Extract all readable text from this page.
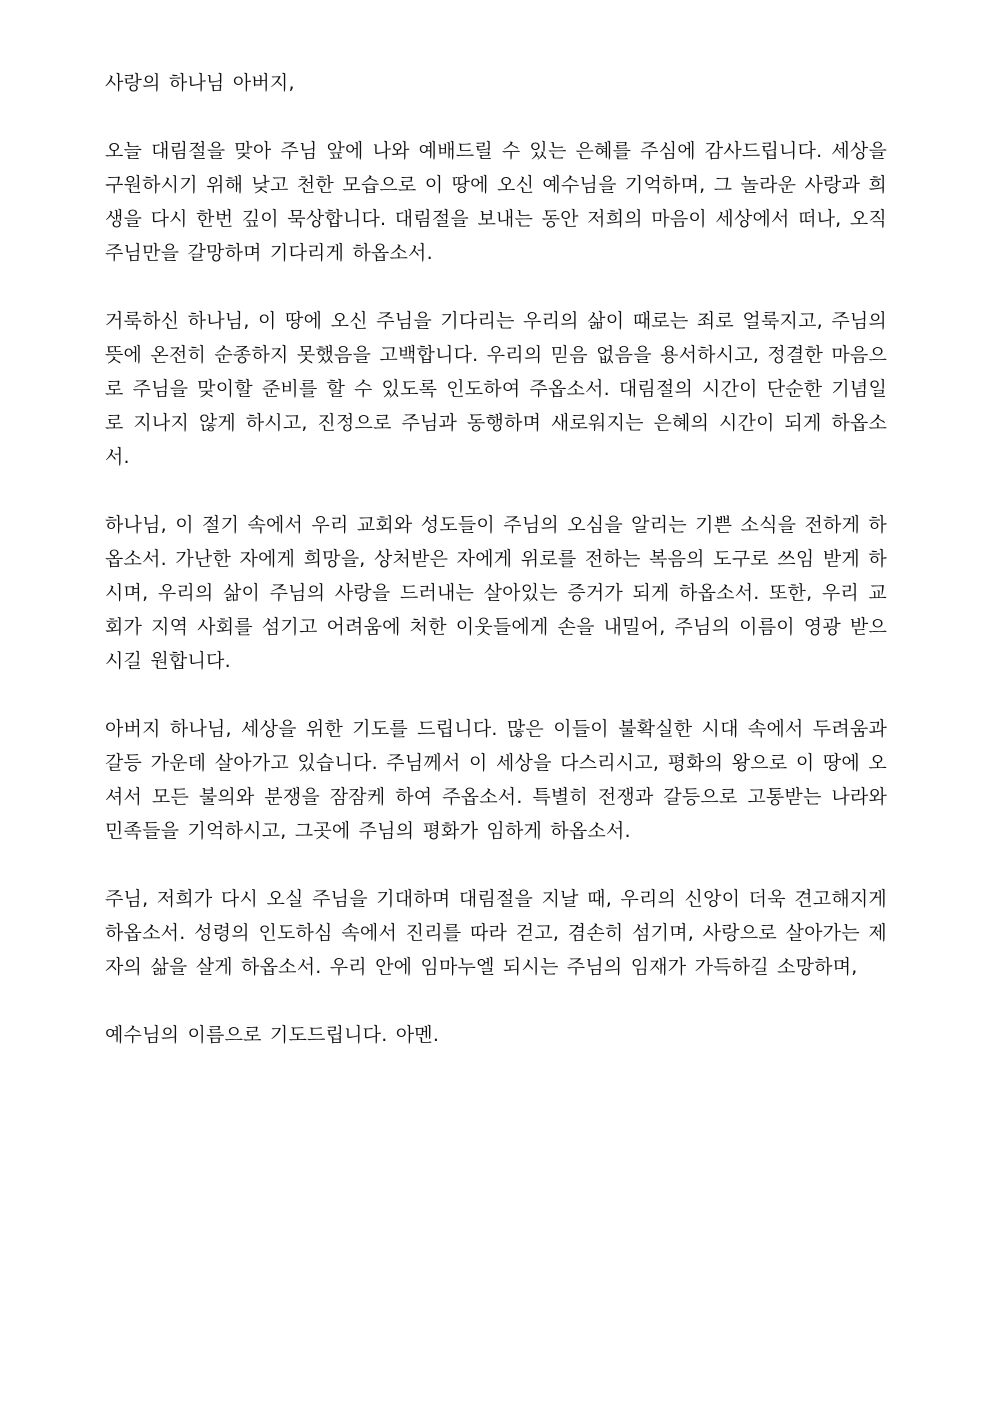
사랑의 하나님 아버지,

오늘 대림절을 맞아 주님 앞에 나와 예배드릴 수 있는 은혜를 주심에 감사드립니다. 세상을 구원하시기 위해 낮고 천한 모습으로 이 땅에 오신 예수님을 기억하며, 그 놀라운 사랑과 희생을 다시 한번 깊이 묵상합니다. 대림절을 보내는 동안 저희의 마음이 세상에서 떠나, 오직 주님만을 갈망하며 기다리게 하옵소서.

거룩하신 하나님, 이 땅에 오신 주님을 기다리는 우리의 삶이 때로는 죄로 얼룩지고, 주님의 뜻에 온전히 순종하지 못했음을 고백합니다. 우리의 믿음 없음을 용서하시고, 정결한 마음으로 주님을 맞이할 준비를 할 수 있도록 인도하여 주옵소서. 대림절의 시간이 단순한 기념일로 지나지 않게 하시고, 진정으로 주님과 동행하며 새로워지는 은혜의 시간이 되게 하옵소서.

하나님, 이 절기 속에서 우리 교회와 성도들이 주님의 오심을 알리는 기쁜 소식을 전하게 하옵소서. 가난한 자에게 희망을, 상처받은 자에게 위로를 전하는 복음의 도구로 쓰임 받게 하시며, 우리의 삶이 주님의 사랑을 드러내는 살아있는 증거가 되게 하옵소서. 또한, 우리 교회가 지역 사회를 섬기고 어려움에 처한 이웃들에게 손을 내밀어, 주님의 이름이 영광 받으시길 원합니다.

아버지 하나님, 세상을 위한 기도를 드립니다. 많은 이들이 불확실한 시대 속에서 두려움과 갈등 가운데 살아가고 있습니다. 주님께서 이 세상을 다스리시고, 평화의 왕으로 이 땅에 오셔서 모든 불의와 분쟁을 잠잠케 하여 주옵소서. 특별히 전쟁과 갈등으로 고통받는 나라와 민족들을 기억하시고, 그곳에 주님의 평화가 임하게 하옵소서.

주님, 저희가 다시 오실 주님을 기대하며 대림절을 지날 때, 우리의 신앙이 더욱 견고해지게 하옵소서. 성령의 인도하심 속에서 진리를 따라 걷고, 겸손히 섬기며, 사랑으로 살아가는 제자의 삶을 살게 하옵소서. 우리 안에 임마누엘 되시는 주님의 임재가 가득하길 소망하며,

예수님의 이름으로 기도드립니다. 아멘.
